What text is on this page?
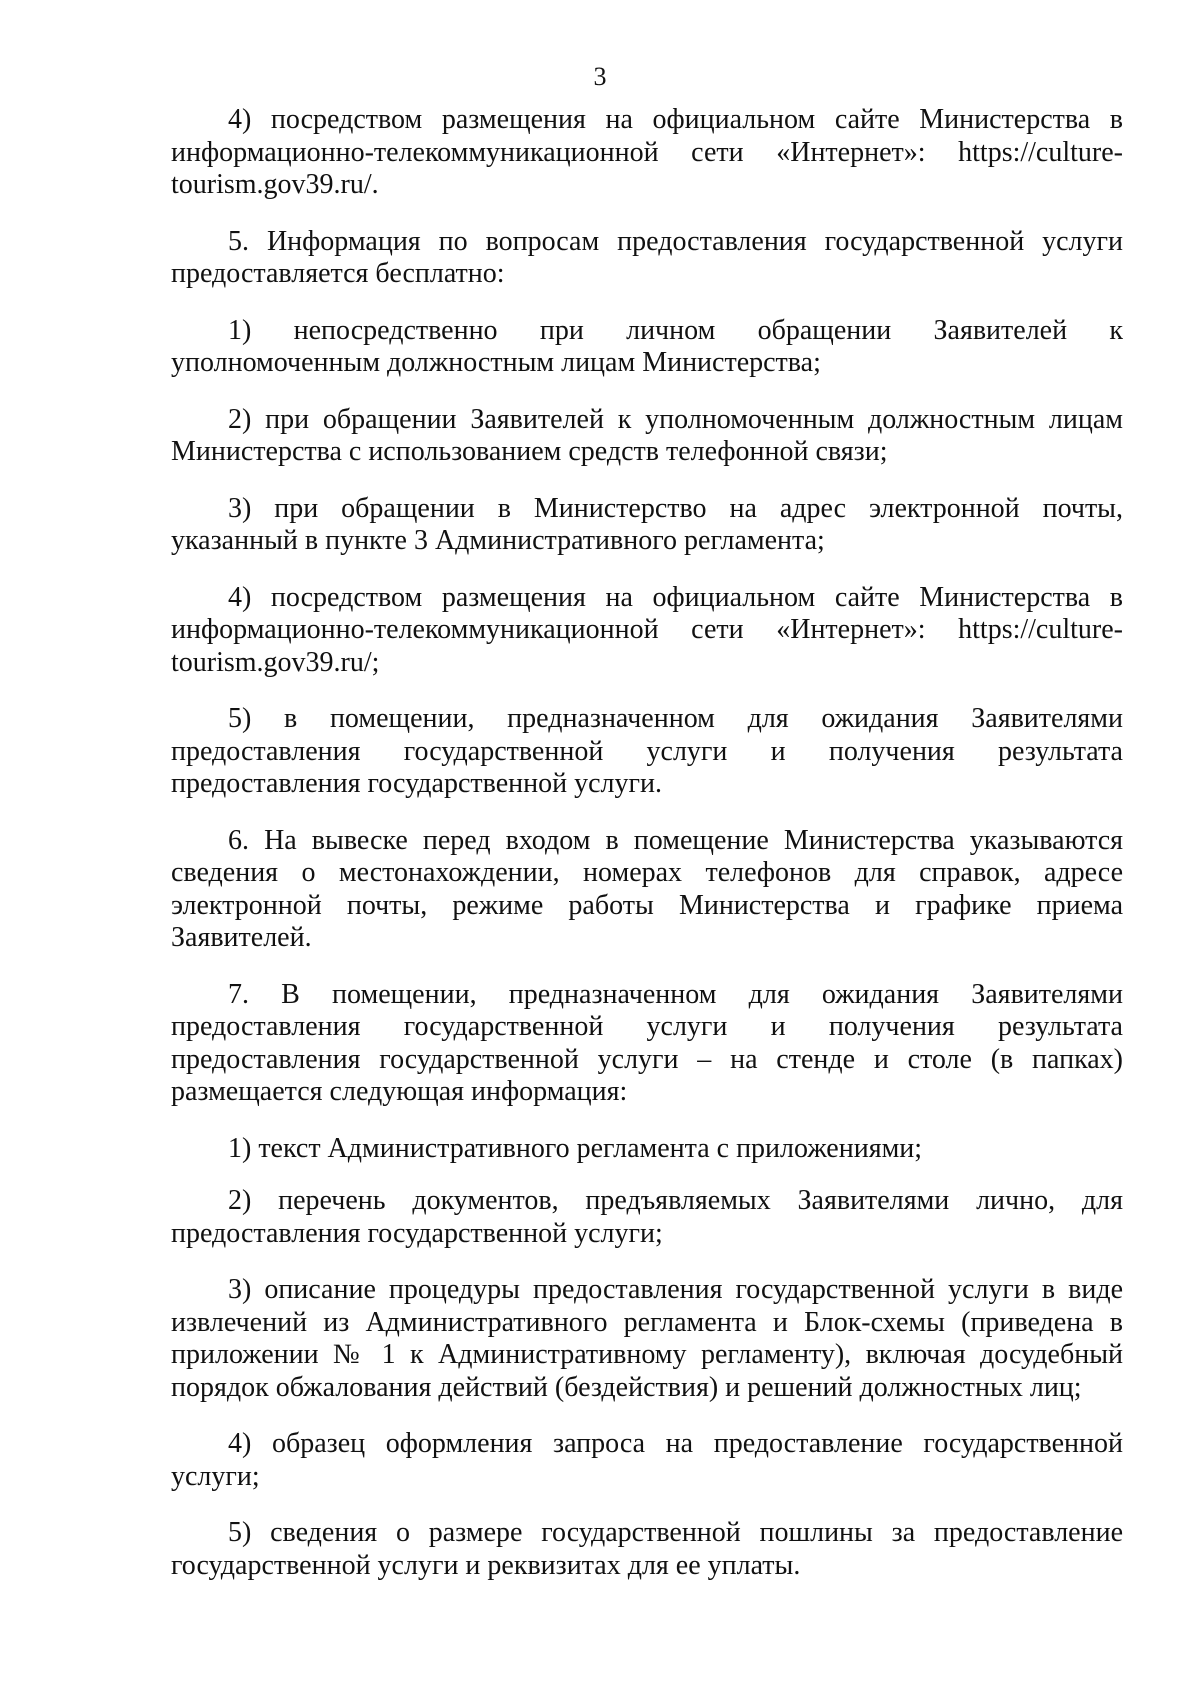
3

4) посредством размещения на официальном сайте Министерства в информационно-телекоммуникационной сети «Интернет»: https://culture-tourism.gov39.ru/.

5. Информация по вопросам предоставления государственной услуги предоставляется бесплатно:

1) непосредственно при личном обращении Заявителей к уполномоченным должностным лицам Министерства;

2) при обращении Заявителей к уполномоченным должностным лицам Министерства с использованием средств телефонной связи;

3) при обращении в Министерство на адрес электронной почты, указанный в пункте 3 Административного регламента;

4) посредством размещения на официальном сайте Министерства в информационно-телекоммуникационной сети «Интернет»: https://culture-tourism.gov39.ru/;

5) в помещении, предназначенном для ожидания Заявителями предоставления государственной услуги и получения результата предоставления государственной услуги.

6. На вывеске перед входом в помещение Министерства указываются сведения о местонахождении, номерах телефонов для справок, адресе электронной почты, режиме работы Министерства и графике приема Заявителей.

7. В помещении, предназначенном для ожидания Заявителями предоставления государственной услуги и получения результата предоставления государственной услуги – на стенде и столе (в папках) размещается следующая информация:

1) текст Административного регламента с приложениями;

2) перечень документов, предъявляемых Заявителями лично, для предоставления государственной услуги;

3) описание процедуры предоставления государственной услуги в виде извлечений из Административного регламента и Блок-схемы (приведена в приложении № 1 к Административному регламенту), включая досудебный порядок обжалования действий (бездействия) и решений должностных лиц;

4) образец оформления запроса на предоставление государственной услуги;

5) сведения о размере государственной пошлины за предоставление государственной услуги и реквизитах для ее уплаты.
